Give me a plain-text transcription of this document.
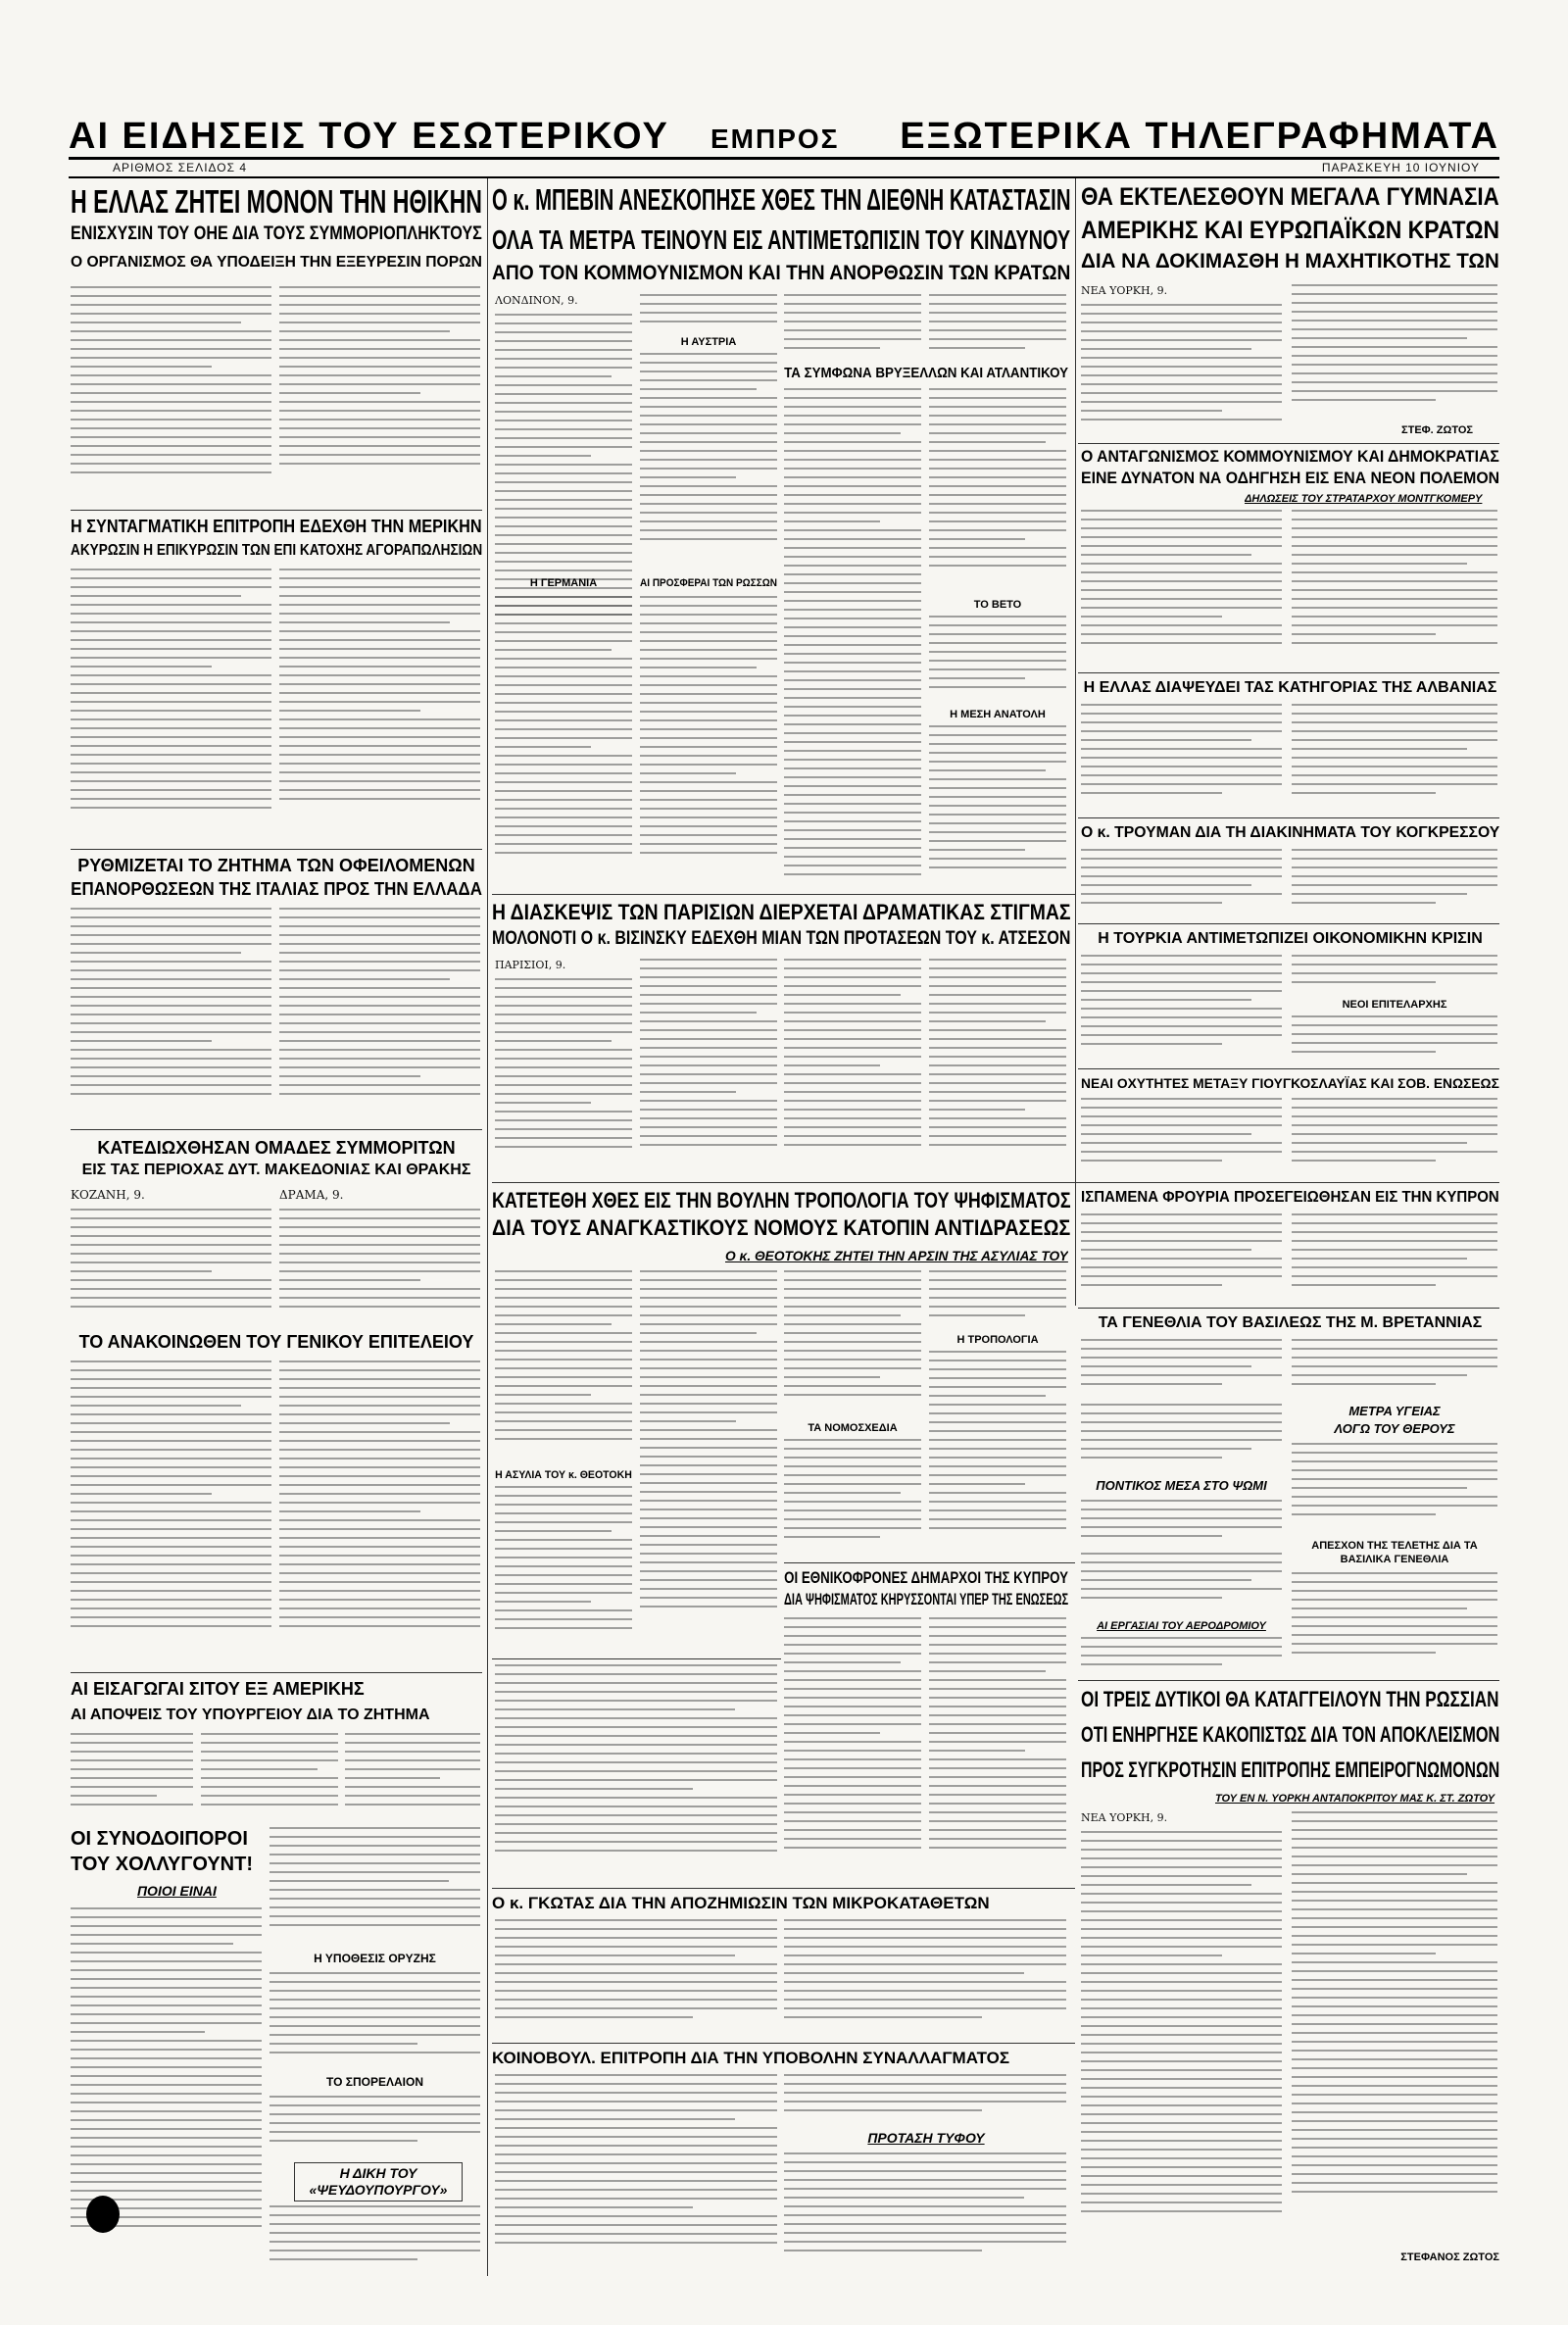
ΑΙ ΕΙΔΗΣΕΙΣ ΤΟΥ ΕΣΩΤΕΡΙΚΟΥ ΕΜΠΡΟΣ ΕΞΩΤΕΡΙΚΑ ΤΗΛΕΓΡΑΦΗΜΑΤΑ
ΑΡΙΘΜΟΣ ΣΕΛΙΔΟΣ 4	ΠΑΡΑΣΚΕΥΗ 10 ΙΟΥΝΙΟΥ
Η ΕΛΛΑΣ ΖΗΤΕΙ ΜΟΝΟΝ ΤΗΝ ΗΘΙΚΗΝ
ΕΝΙΣΧΥΣΙΝ ΤΟΥ ΟΗΕ ΔΙΑ ΤΟΥΣ ΣΥΜΜΟΡΙΟΠΛΗΚΤΟΥΣ
Ο ΟΡΓΑΝΙΣΜΟΣ ΘΑ ΥΠΟΔΕΙΞΗ ΤΗΝ ΕΞΕΥΡΕΣΙΝ ΠΟΡΩΝ
Η ΣΥΝΤΑΓΜΑΤΙΚΗ ΕΠΙΤΡΟΠΗ ΕΔΕΧΘΗ ΤΗΝ ΜΕΡΙΚΗΝ
ΑΚΥΡΩΣΙΝ Η ΕΠΙΚΥΡΩΣΙΝ ΤΩΝ ΕΠΙ ΚΑΤΟΧΗΣ ΑΓΟΡΑΠΩΛΗΣΙΩΝ
ΡΥΘΜΙΖΕΤΑΙ ΤΟ ΖΗΤΗΜΑ ΤΩΝ ΟΦΕΙΛΟΜΕΝΩΝ
ΕΠΑΝΟΡΘΩΣΕΩΝ ΤΗΣ ΙΤΑΛΙΑΣ ΠΡΟΣ ΤΗΝ ΕΛΛΑΔΑ
ΚΑΤΕΔΙΩΧΘΗΣΑΝ ΟΜΑΔΕΣ ΣΥΜΜΟΡΙΤΩΝ
ΕΙΣ ΤΑΣ ΠΕΡΙΟΧΑΣ ΔΥΤ. ΜΑΚΕΔΟΝΙΑΣ ΚΑΙ ΘΡΑΚΗΣ
ΚΟΖΑΝΗ, 9.	ΔΡΑΜΑ, 9.
ΤΟ ΑΝΑΚΟΙΝΩΘΕΝ ΤΟΥ ΓΕΝΙΚΟΥ ΕΠΙΤΕΛΕΙΟΥ
ΑΙ ΕΙΣΑΓΩΓΑΙ ΣΙΤΟΥ ΕΞ ΑΜΕΡΙΚΗΣ
ΑΙ ΑΠΟΨΕΙΣ ΤΟΥ ΥΠΟΥΡΓΕΙΟΥ ΔΙΑ ΤΟ ΖΗΤΗΜΑ
ΟΙ ΣΥΝΟΔΟΙΠΟΡΟΙ
ΤΟΥ ΧΟΛΛΥΓΟΥΝΤ!
ΠΟΙΟΙ ΕΙΝΑΙ
Η ΥΠΟΘΕΣΙΣ ΟΡΥΖΗΣ
ΤΟ ΣΠΟΡΕΛΑΙΟΝ
Η ΔΙΚΗ ΤΟΥ «ΨΕΥΔΟΥΠΟΥΡΓΟΥ»
Ο κ. ΜΠΕΒΙΝ ΑΝΕΣΚΟΠΗΣΕ ΧΘΕΣ ΤΗΝ ΔΙΕΘΝΗ ΚΑΤΑΣΤΑΣΙΝ
ΟΛΑ ΤΑ ΜΕΤΡΑ ΤΕΙΝΟΥΝ ΕΙΣ ΑΝΤΙΜΕΤΩΠΙΣΙΝ ΤΟΥ ΚΙΝΔΥΝΟΥ
ΑΠΟ ΤΟΝ ΚΟΜΜΟΥΝΙΣΜΟΝ ΚΑΙ ΤΗΝ ΑΝΟΡΘΩΣΙΝ ΤΩΝ ΚΡΑΤΩΝ
ΛΟΝΔΙΝΟΝ, 9.
Η ΑΥΣΤΡΙΑ
Η ΓΕΡΜΑΝΙΑ	ΑΙ ΠΡΟΣΦΕΡΑΙ ΤΩΝ ΡΩΣΣΩΝ
ΤΑ ΣΥΜΦΩΝΑ ΒΡΥΞΕΛΛΩΝ ΚΑΙ ΑΤΛΑΝΤΙΚΟΥ
ΤΟ ΒΕΤΟ
Η ΜΕΣΗ ΑΝΑΤΟΛΗ
Η ΔΙΑΣΚΕΨΙΣ ΤΩΝ ΠΑΡΙΣΙΩΝ ΔΙΕΡΧΕΤΑΙ ΔΡΑΜΑΤΙΚΑΣ ΣΤΙΓΜΑΣ
ΜΟΛΟΝΟΤΙ Ο κ. ΒΙΣΙΝΣΚΥ ΕΔΕΧΘΗ ΜΙΑΝ ΤΩΝ ΠΡΟΤΑΣΕΩΝ ΤΟΥ κ. ΑΤΣΕΣΟΝ
ΠΑΡΙΣΙΟΙ, 9.
ΚΑΤΕΤΕΘΗ ΧΘΕΣ ΕΙΣ ΤΗΝ ΒΟΥΛΗΝ ΤΡΟΠΟΛΟΓΙΑ ΤΟΥ ΨΗΦΙΣΜΑΤΟΣ
ΔΙΑ ΤΟΥΣ ΑΝΑΓΚΑΣΤΙΚΟΥΣ ΝΟΜΟΥΣ ΚΑΤΟΠΙΝ ΑΝΤΙΔΡΑΣΕΩΣ
Ο κ. ΘΕΟΤΟΚΗΣ ΖΗΤΕΙ ΤΗΝ ΑΡΣΙΝ ΤΗΣ ΑΣΥΛΙΑΣ ΤΟΥ
Η ΑΣΥΛΙΑ ΤΟΥ κ. ΘΕΟΤΟΚΗ
ΤΑ ΝΟΜΟΣΧΕΔΙΑ
Η ΤΡΟΠΟΛΟΓΙΑ
ΟΙ ΕΘΝΙΚΟΦΡΟΝΕΣ ΔΗΜΑΡΧΟΙ ΤΗΣ ΚΥΠΡΟΥ
ΔΙΑ ΨΗΦΙΣΜΑΤΟΣ ΚΗΡΥΣΣΟΝΤΑΙ ΥΠΕΡ ΤΗΣ ΕΝΩΣΕΩΣ
Ο κ. ΓΚΩΤΑΣ ΔΙΑ ΤΗΝ ΑΠΟΖΗΜΙΩΣΙΝ ΤΩΝ ΜΙΚΡΟΚΑΤΑΘΕΤΩΝ
ΚΟΙΝΟΒΟΥΛ. ΕΠΙΤΡΟΠΗ ΔΙΑ ΤΗΝ ΥΠΟΒΟΛΗΝ ΣΥΝΑΛΛΑΓΜΑΤΟΣ
ΠΡΟΤΑΣΗ ΤΥΦΟΥ
ΘΑ ΕΚΤΕΛΕΣΘΟΥΝ ΜΕΓΑΛΑ ΓΥΜΝΑΣΙΑ
ΑΜΕΡΙΚΗΣ ΚΑΙ ΕΥΡΩΠΑΪΚΩΝ ΚΡΑΤΩΝ
ΔΙΑ ΝΑ ΔΟΚΙΜΑΣΘΗ Η ΜΑΧΗΤΙΚΟΤΗΣ ΤΩΝ
ΝΕΑ ΥΟΡΚΗ, 9.
ΣΤΕΦ. ΖΩΤΟΣ
Ο ΑΝΤΑΓΩΝΙΣΜΟΣ ΚΟΜΜΟΥΝΙΣΜΟΥ ΚΑΙ ΔΗΜΟΚΡΑΤΙΑΣ
ΕΙΝΕ ΔΥΝΑΤΟΝ ΝΑ ΟΔΗΓΗΣΗ ΕΙΣ ΕΝΑ ΝΕΟΝ ΠΟΛΕΜΟΝ
ΔΗΛΩΣΕΙΣ ΤΟΥ ΣΤΡΑΤΑΡΧΟΥ ΜΟΝΤΓΚΟΜΕΡΥ
Η ΕΛΛΑΣ ΔΙΑΨΕΥΔΕΙ ΤΑΣ ΚΑΤΗΓΟΡΙΑΣ ΤΗΣ ΑΛΒΑΝΙΑΣ
Ο κ. ΤΡΟΥΜΑΝ ΔΙΑ ΤΗ ΔΙΑΚΙΝΗΜΑΤΑ ΤΟΥ ΚΟΓΚΡΕΣΣΟΥ
Η ΤΟΥΡΚΙΑ ΑΝΤΙΜΕΤΩΠΙΖΕΙ ΟΙΚΟΝΟΜΙΚΗΝ ΚΡΙΣΙΝ
ΝΕΟΙ ΕΠΙΤΕΛΑΡΧΗΣ
ΝΕΑΙ ΟΧΥΤΗΤΕΣ ΜΕΤΑΞΥ ΓΙΟΥΓΚΟΣΛΑΥΪΑΣ ΚΑΙ ΣΟΒ. ΕΝΩΣΕΩΣ
ΙΣΠΑΜΕΝΑ ΦΡΟΥΡΙΑ ΠΡΟΣΕΓΕΙΩΘΗΣΑΝ ΕΙΣ ΤΗΝ ΚΥΠΡΟΝ
ΤΑ ΓΕΝΕΘΛΙΑ ΤΟΥ ΒΑΣΙΛΕΩΣ ΤΗΣ Μ. ΒΡΕΤΑΝΝΙΑΣ
ΜΕΤΡΑ ΥΓΕΙΑΣ
ΛΟΓΩ ΤΟΥ ΘΕΡΟΥΣ
ΠΟΝΤΙΚΟΣ ΜΕΣΑ ΣΤΟ ΨΩΜΙ
ΑΙ ΕΡΓΑΣΙΑΙ ΤΟΥ ΑΕΡΟΔΡΟΜΙΟΥ
ΑΠΕΣΧΟΝ ΤΗΣ ΤΕΛΕΤΗΣ ΔΙΑ ΤΑ ΒΑΣΙΛΙΚΑ ΓΕΝΕΘΛΙΑ
ΟΙ ΤΡΕΙΣ ΔΥΤΙΚΟΙ ΘΑ ΚΑΤΑΓΓΕΙΛΟΥΝ ΤΗΝ ΡΩΣΣΙΑΝ
ΟΤΙ ΕΝΗΡΓΗΣΕ ΚΑΚΟΠΙΣΤΩΣ ΔΙΑ ΤΟΝ ΑΠΟΚΛΕΙΣΜΟΝ
ΠΡΟΣ ΣΥΓΚΡΟΤΗΣΙΝ ΕΠΙΤΡΟΠΗΣ ΕΜΠΕΙΡΟΓΝΩΜΟΝΩΝ
ΤΟΥ ΕΝ Ν. ΥΟΡΚΗ ΑΝΤΑΠΟΚΡΙΤΟΥ ΜΑΣ Κ. ΣΤ. ΖΩΤΟΥ
ΝΕΑ ΥΟΡΚΗ, 9.
ΣΤΕΦΑΝΟΣ ΖΩΤΟΣ
